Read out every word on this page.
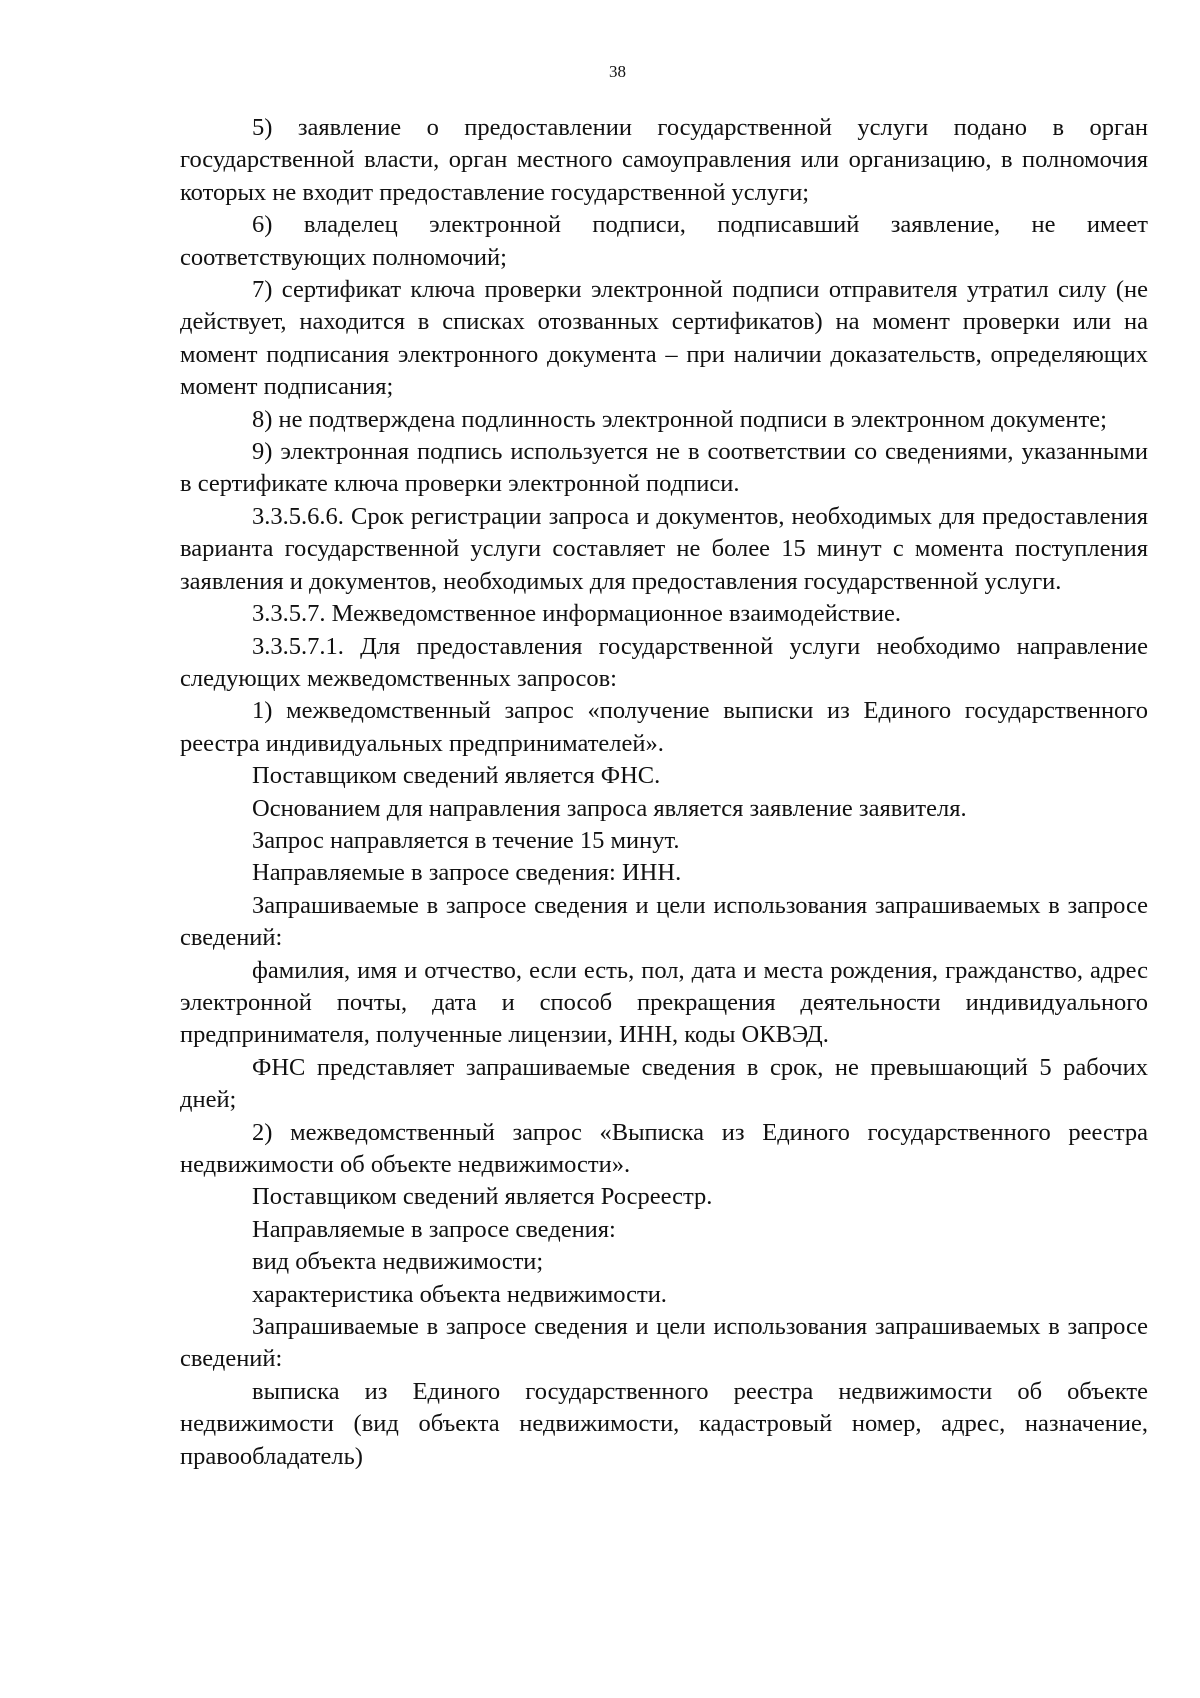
38

5) заявление о предоставлении государственной услуги подано в орган государственной власти, орган местного самоуправления или организацию, в полномочия которых не входит предоставление государственной услуги;

6) владелец электронной подписи, подписавший заявление, не имеет соответствующих полномочий;

7) сертификат ключа проверки электронной подписи отправителя утратил силу (не действует, находится в списках отозванных сертификатов) на момент проверки или на момент подписания электронного документа – при наличии доказательств, определяющих момент подписания;

8) не подтверждена подлинность электронной подписи в электронном документе;

9) электронная подпись используется не в соответствии со сведениями, указанными в сертификате ключа проверки электронной подписи.

3.3.5.6.6. Срок регистрации запроса и документов, необходимых для предоставления варианта государственной услуги составляет не более 15 минут с момента поступления заявления и документов, необходимых для предоставления государственной услуги.

3.3.5.7. Межведомственное информационное взаимодействие.

3.3.5.7.1. Для предоставления государственной услуги необходимо направление следующих межведомственных запросов:

1) межведомственный запрос «получение выписки из Единого государственного реестра индивидуальных предпринимателей».

Поставщиком сведений является ФНС.

Основанием для направления запроса является заявление заявителя.

Запрос направляется в течение 15 минут.

Направляемые в запросе сведения: ИНН.

Запрашиваемые в запросе сведения и цели использования запрашиваемых в запросе сведений:

фамилия, имя и отчество, если есть, пол, дата и места рождения, гражданство, адрес электронной почты, дата и способ прекращения деятельности индивидуального предпринимателя, полученные лицензии, ИНН, коды ОКВЭД.

ФНС представляет запрашиваемые сведения в срок, не превышающий 5 рабочих дней;

2) межведомственный запрос «Выписка из Единого государственного реестра недвижимости об объекте недвижимости».

Поставщиком сведений является Росреестр.

Направляемые в запросе сведения:

вид объекта недвижимости;

характеристика объекта недвижимости.

Запрашиваемые в запросе сведения и цели использования запрашиваемых в запросе сведений:

выписка из Единого государственного реестра недвижимости об объекте недвижимости (вид объекта недвижимости, кадастровый номер, адрес, назначение, правообладатель)
